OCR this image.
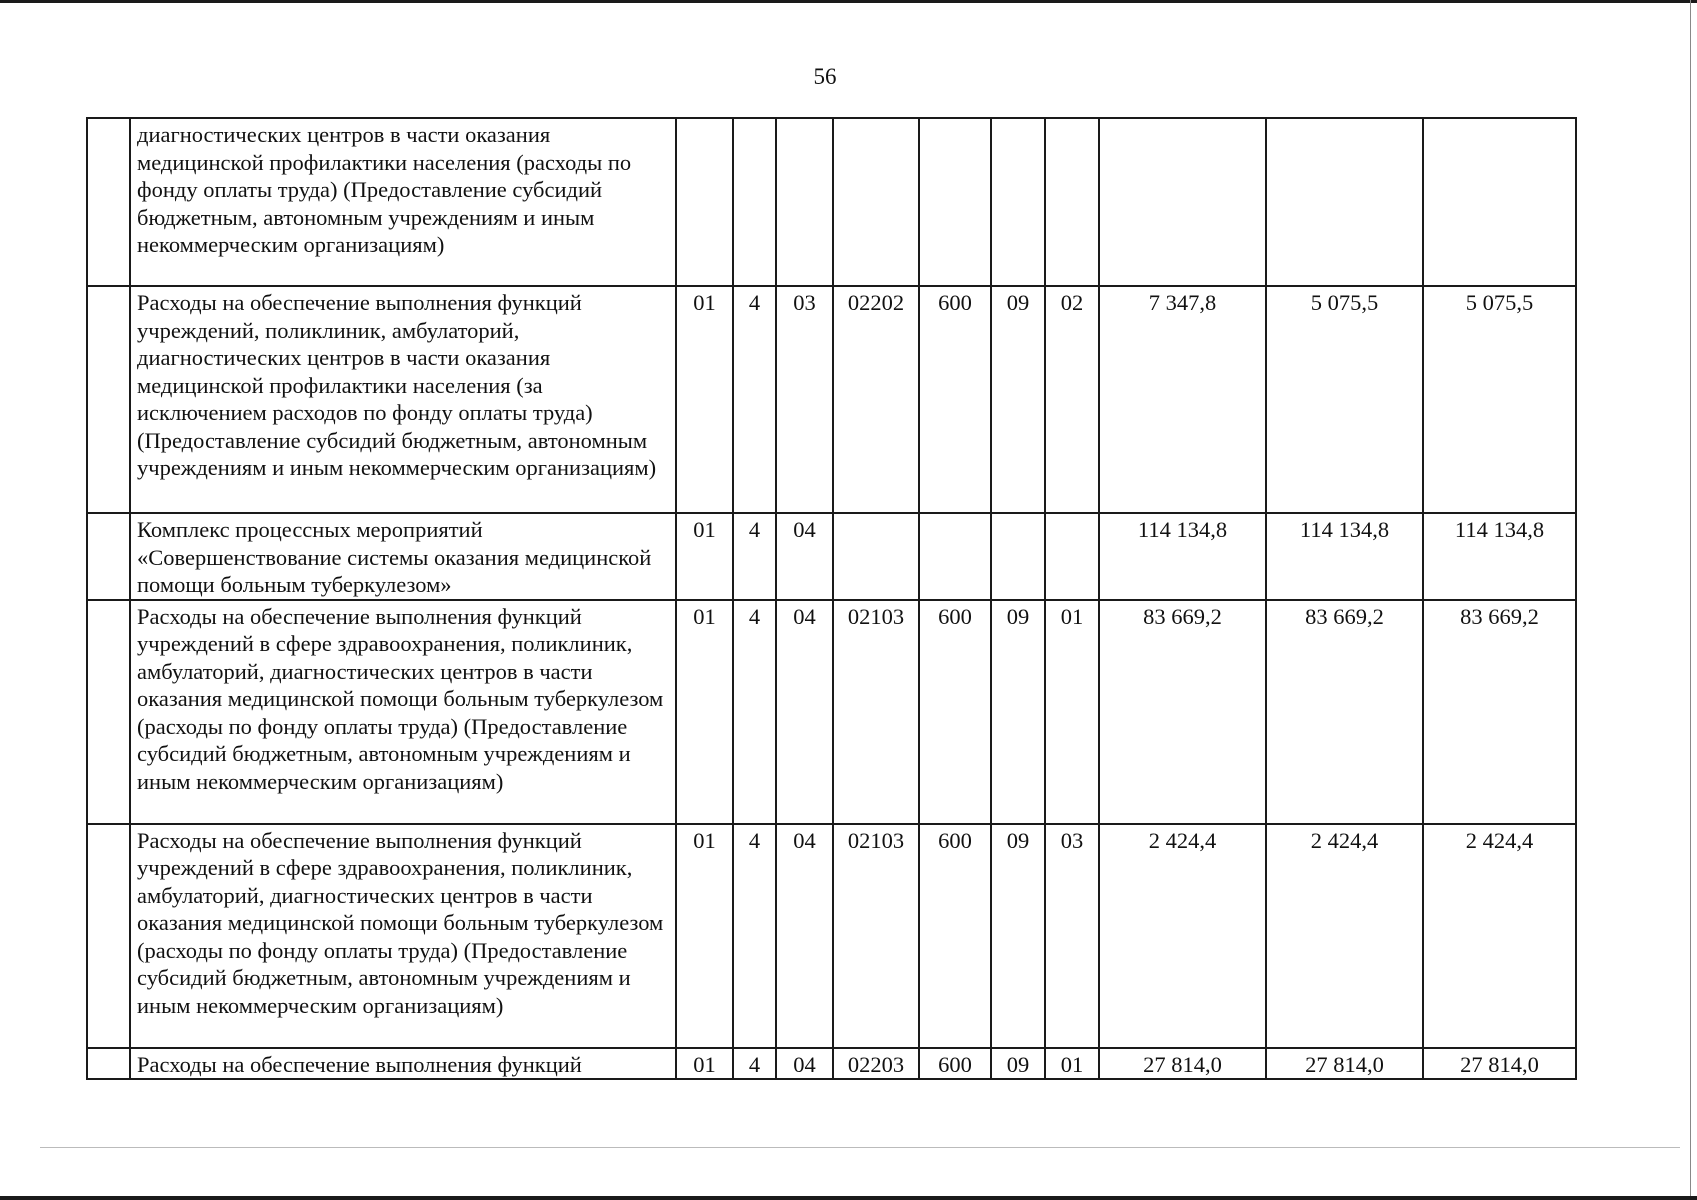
56
	диагностических центров в части оказания медицинской профилактики населения (расходы по фонду оплаты труда) (Предоставление субсидий бюджетным, автономным учреждениям и иным некоммерческим организациям)										
	Расходы на обеспечение выполнения функций учреждений, поликлиник, амбулаторий, диагностических центров в части оказания медицинской профилактики населения (за исключением расходов по фонду оплаты труда) (Предоставление субсидий бюджетным, автономным учреждениям и иным некоммерческим организациям)	01	4	03	02202	600	09	02	7 347,8	5 075,5	5 075,5
	Комплекс процессных мероприятий «Совершенствование системы оказания медицинской помощи больным туберкулезом»	01	4	04					114 134,8	114 134,8	114 134,8
	Расходы на обеспечение выполнения функций учреждений в сфере здравоохранения, поликлиник, амбулаторий, диагностических центров в части оказания медицинской помощи больным туберкулезом (расходы по фонду оплаты труда) (Предоставление субсидий бюджетным, автономным учреждениям и иным некоммерческим организациям)	01	4	04	02103	600	09	01	83 669,2	83 669,2	83 669,2
	Расходы на обеспечение выполнения функций учреждений в сфере здравоохранения, поликлиник, амбулаторий, диагностических центров в части оказания медицинской помощи больным туберкулезом (расходы по фонду оплаты труда) (Предоставление субсидий бюджетным, автономным учреждениям и иным некоммерческим организациям)	01	4	04	02103	600	09	03	2 424,4	2 424,4	2 424,4
	Расходы на обеспечение выполнения функций	01	4	04	02203	600	09	01	27 814,0	27 814,0	27 814,0
